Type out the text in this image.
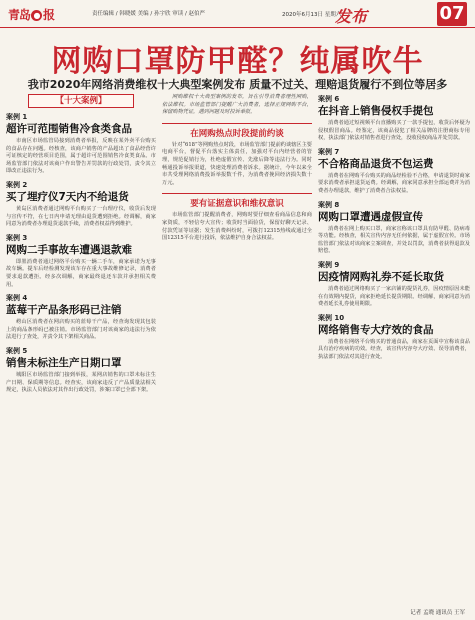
青岛 ● 报	责任编辑 / 韩晓媛 美编 / 孙宇欣 审读 / 赵伯严	2020年6月13日 星期六
发布	07
网购口罩防甲醛？纯属吹牛
我市2020年网络消费维权十大典型案例发布 质量不过关、理赔退货履行不到位等居多
【十大案例】
案例 1
超许可范围销售冷食类食品
市南区市场监管局接到消费者举报，反映在某外卖平台购买的食品存在问题。经核查，该商户销售的产品超出了食品经营许可证核定的经营项目范围，属于超许可范围销售冷食类食品。市场监管部门依法对该商户作出警告并罚款的行政处罚，责令其立即改正违法行为。
案例 2
买了埋疗仪7天内不给退货
黄岛区消费者通过网购平台购买了一台理疗仪，收货后发现与宣传不符，在七日内申请无理由退货遭到拒绝。经调解，商家同意为消费者办理退货退款手续，消费者权益得到维护。
案例 3
网购二手事故车遭遇退款难
即墨消费者通过网络平台购买一辆二手车，商家承诺为无事故车辆。提车后经检测发现该车存在重大事故维修记录，消费者要求退款遭拒。经多次调解，商家最终退还车款并承担相关费用。
案例 4
蓝莓干产品条形码已注销
崂山区消费者在网店购买的蓝莓干产品，经查询发现其包装上的商品条形码已被注销。市场监管部门对该商家的违法行为依法进行了查处，并责令其下架相关商品。
案例 5
销售未标注生产日期口罩
城阳区市场监管部门接到举报，某网店销售的口罩未标注生产日期、保质期等信息。经查实，该商家违反了产品质量法相关规定，执法人员依法对其作出行政处罚，涉案口罩已全部下架。
网购维权十大典型案例的发布，旨在引导消费者理性网购，依法维权。市场监管部门提醒广大消费者，选择正规网购平台，保留购物凭证，遇到问题及时投诉举报。
在网购热点时段提前约谈
针对“618”等网购热点时段，市场监管部门提前约谈辖区主要电商平台，督促平台落实主体责任，加强对平台内经营者的管理，规范促销行为，杜绝虚假宣传、先涨后降等违法行为。同时畅通投诉举报渠道，快速处理消费者诉求。据统计，今年以来全市共受理网络消费投诉举报数千件，为消费者挽回经济损失数十万元。
要有证据意识和维权意识
市场监管部门提醒消费者，网购时要仔细查看商品信息和商家资质，不轻信夸大宣传；收货时当面验货，保留好聊天记录、付款凭证等证据；发生消费纠纷时，可拨打12315热线或通过全国12315平台进行投诉，依法维护自身合法权益。
案例 6
在抖音上销售侵权手提包
消费者通过短视频平台直播购买了一款手提包，收货后怀疑为侵权假冒商品。经鉴定，该商品侵犯了相关品牌的注册商标专用权，执法部门依法对销售者进行查处，没收侵权商品并处罚款。
案例 7
不合格商品退货不包运费
消费者在网购平台购买的商品经检验不合格，申请退货时商家要求消费者承担退货运费。经调解，商家同意承担全部运费并为消费者办理退款，维护了消费者合法权益。
案例 8
网购口罩遭遇虚假宣传
消费者在网上购买口罩，商家宣称该口罩具有防甲醛、防病毒等功能。经核查，相关宣传内容无任何依据，属于虚假宣传。市场监管部门依法对该商家立案调查，并处以罚款，消费者获得退款及赔偿。
案例 9
因疫情网购礼券不延长取货
消费者通过网络购买了一家店铺的提货礼券，因疫情原因未能在有效期内提货，商家拒绝延长提货期限。经调解，商家同意为消费者延长礼券使用期限。
案例 10
网络销售专大疗效的食品
消费者在网络平台购买的普通食品，商家在页面中宣称该食品具有治疗疾病的功效。经查，该宣传内容夸大疗效、误导消费者，执法部门依法对其进行查处。
记者 孟晓 通讯员 王军
